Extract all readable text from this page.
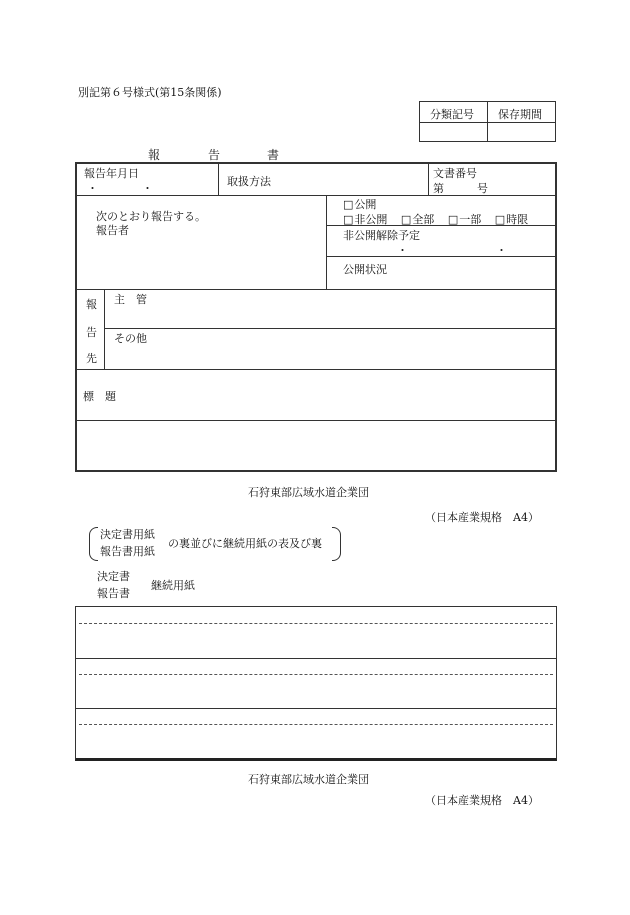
別記第６号様式(第15条関係)
分類記号 保存期間
報	告	書
報告年月日
・　　　　・
取扱方法
文書番号
第　　　号
次のとおり報告する。
報告者
□ 公開
□ 非公開 □ 全部 □ 一部 □ 時限
非公開解除予定
・　　　　　　　　・
公開状況
報
告
先
主　管
その他
標　題
石狩東部広域水道企業団
（日本産業規格　A4）
決定書用紙
報告書用紙
の裏並びに継続用紙の表及び裏
決定書
報告書
継続用紙
石狩東部広域水道企業団
（日本産業規格　A4）
